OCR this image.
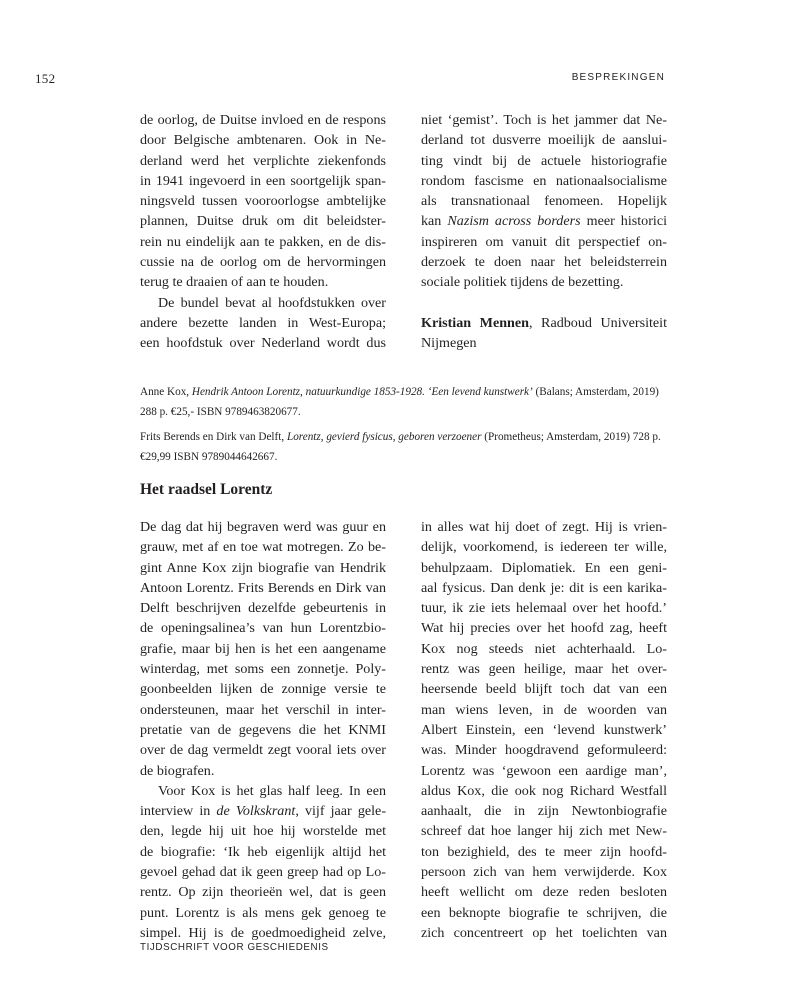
152	BESPREKINGEN

de oorlog, de Duitse invloed en de respons
door Belgische ambtenaren. Ook in Ne-
derland werd het verplichte ziekenfonds
in 1941 ingevoerd in een soortgelijk span-
ningsveld tussen vooroorlogse ambtelijke
plannen, Duitse druk om dit beleidster-
rein nu eindelijk aan te pakken, en de dis-
cussie na de oorlog om de hervormingen
terug te draaien of aan te houden.

De bundel bevat al hoofdstukken over
andere bezette landen in West-Europa;
een hoofdstuk over Nederland wordt dus

niet ‘gemist’. Toch is het jammer dat Ne-
derland tot dusverre moeilijk de aanslui-
ting vindt bij de actuele historiografie
rondom fascisme en nationaalsocialisme
als transnationaal fenomeen. Hopelijk
kan Nazism across borders meer historici
inspireren om vanuit dit perspectief on-
derzoek te doen naar het beleidsterrein
sociale politiek tijdens de bezetting.

Kristian Mennen, Radboud Universiteit
Nijmegen

Anne Kox, Hendrik Antoon Lorentz, natuurkundige 1853-1928. ‘Een levend kunstwerk’ (Balans; Amsterdam, 2019) 288 p. €25,- ISBN 9789463820677.

Frits Berends en Dirk van Delft, Lorentz, gevierd fysicus, geboren verzoener (Prometheus; Amsterdam, 2019) 728 p. €29,99 ISBN 9789044642667.

Het raadsel Lorentz

De dag dat hij begraven werd was guur en
grauw, met af en toe wat motregen. Zo be-
gint Anne Kox zijn biografie van Hendrik
Antoon Lorentz. Frits Berends en Dirk van
Delft beschrijven dezelfde gebeurtenis in
de openingsalinea’s van hun Lorentzbio-
grafie, maar bij hen is het een aangename
winterdag, met soms een zonnetje. Poly-
goonbeelden lijken de zonnige versie te
ondersteunen, maar het verschil in inter-
pretatie van de gegevens die het KNMI
over de dag vermeldt zegt vooral iets over
de biografen.

Voor Kox is het glas half leeg. In een
interview in de Volkskrant, vijf jaar gele-
den, legde hij uit hoe hij worstelde met
de biografie: ‘Ik heb eigenlijk altijd het
gevoel gehad dat ik geen greep had op Lo-
rentz. Op zijn theorieën wel, dat is geen
punt. Lorentz is als mens gek genoeg te
simpel. Hij is de goedmoedigheid zelve,

in alles wat hij doet of zegt. Hij is vrien-
delijk, voorkomend, is iedereen ter wille,
behulpzaam. Diplomatiek. En een geni-
aal fysicus. Dan denk je: dit is een karika-
tuur, ik zie iets helemaal over het hoofd.’
Wat hij precies over het hoofd zag, heeft
Kox nog steeds niet achterhaald. Lo-
rentz was geen heilige, maar het over-
heersende beeld blijft toch dat van een
man wiens leven, in de woorden van
Albert Einstein, een ‘levend kunstwerk’
was. Minder hoogdravend geformuleerd:
Lorentz was ‘gewoon een aardige man’,
aldus Kox, die ook nog Richard Westfall
aanhaalt, die in zijn Newtonbiografie
schreef dat hoe langer hij zich met New-
ton bezighield, des te meer zijn hoofd-
persoon zich van hem verwijderde. Kox
heeft wellicht om deze reden besloten
een beknopte biografie te schrijven, die
zich concentreert op het toelichten van

TIJDSCHRIFT VOOR GESCHIEDENIS
